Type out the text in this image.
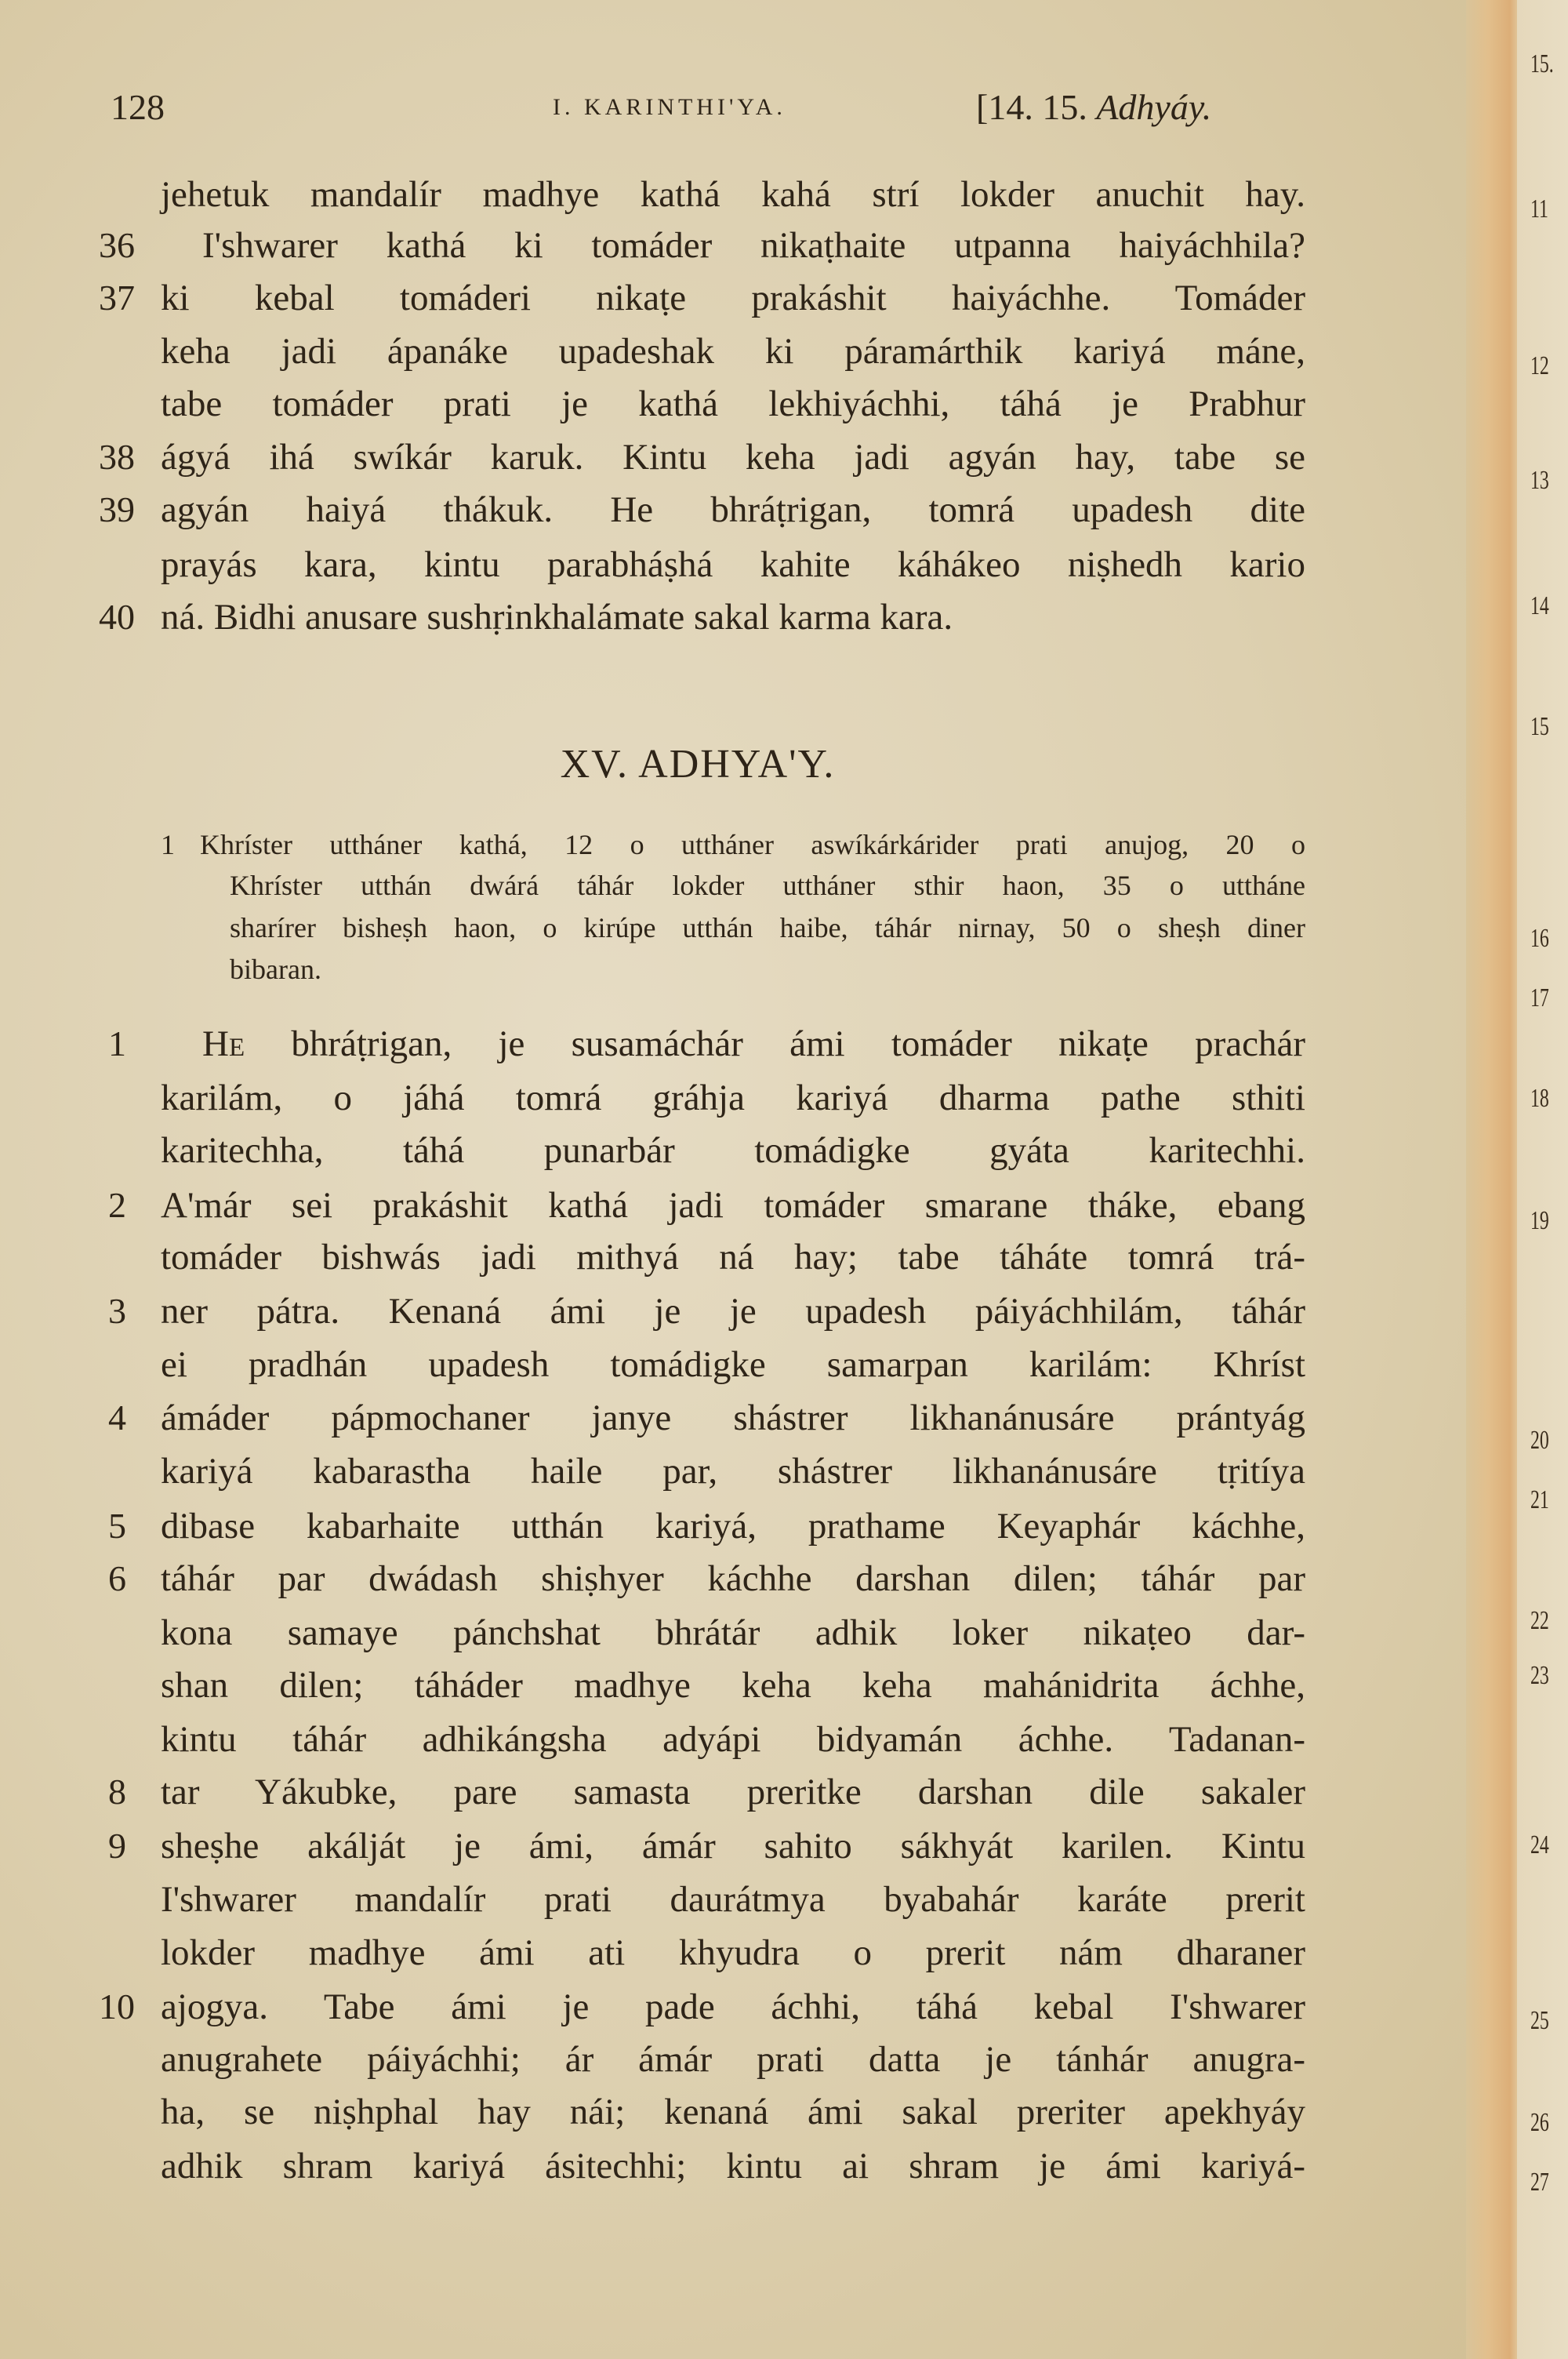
128	I. KARINTHI'YA.	[14. 15. Adhyáy.
jehetuk mandalír madhye kathá kahá strí lokder anuchit hay.
36 I'shwarer kathá ki tomáder nikaṭhaite utpanna haiyáchhila?
37 ki kebal tomáderi nikaṭe prakáshit haiyáchhe. Tomáder
keha jadi ápanáke upadeshak ki páramárthik kariyá máne,
tabe tomáder prati je kathá lekhiyáchhi, táhá je Prabhur
38 ágyá ihá swíkár karuk. Kintu keha jadi agyán hay, tabe se
39 agyán haiyá thákuk. He bhráṭrigan, tomrá upadesh dite
prayás kara, kintu parabháṣhá kahite káhákeo niṣhedh kario
40 ná. Bidhi anusare sushṛinkhalámate sakal karma kara.
XV. ADHYA'Y.
1 Khríster uttháner kathá, 12 o uttháner aswíkárkárider prati anujog, 20 o
Khríster utthán dwárá táhár lokder uttháner sthir haon, 35 o uttháne
sharírer bisheṣh haon, o kirúpe utthán haibe, táhár nirnay, 50 o sheṣh diner
bibaran.
1	He bhráṭrigan, je susamáchár ámi tomáder nikaṭe prachár
karilám, o jáhá tomrá gráhja kariyá dharma pathe sthiti
karitechha, táhá punarbár tomádigke gyáta karitechhi.
2 A'már sei prakáshit kathá jadi tomáder smarane tháke, ebang
tomáder bishwás jadi mithyá ná hay; tabe táháte tomrá trá-
3 ner pátra. Kenaná ámi je je upadesh páiyáchhilám, táhár
ei pradhán upadesh tomádigke samarpan karilám: Khríst
4 ámáder pápmochaner janye shástrer likhanánusáre prántyág
kariyá kabarastha haile par, shástrer likhanánusáre tṛitíya
5 dibase kabarhaite utthán kariyá, prathame Keyaphár káchhe,
6 táhár par dwádash shiṣhyer káchhe darshan dilen; táhár par
kona samaye pánchshat bhrátár adhik loker nikaṭeo dar-
shan dilen; táháder madhye keha keha mahánidrita áchhe,
kintu táhár adhikángsha adyápi bidyamán áchhe. Tadanan-
8 tar Yákubke, pare samasta preritke darshan dile sakaler
9 sheṣhe akálját je ámi, ámár sahito sákhyát karilen. Kintu
I'shwarer mandalír prati daurátmya byabahár karáte prerit
lokder madhye ámi ati khyudra o prerit nám dharaner
10 ajogya. Tabe ámi je pade áchhi, táhá kebal I'shwarer
anugrahete páiyáchhi; ár ámár prati datta je tánhár anugra-
ha, se niṣhphal hay nái; kenaná ámi sakal preriter apekhyáy
adhik shram kariyá ásitechhi; kintu ai shram je ámi kariyá-
15.
11
12
13
14
15
16
17
18
19
20
21
22
23
24
25
26
27
